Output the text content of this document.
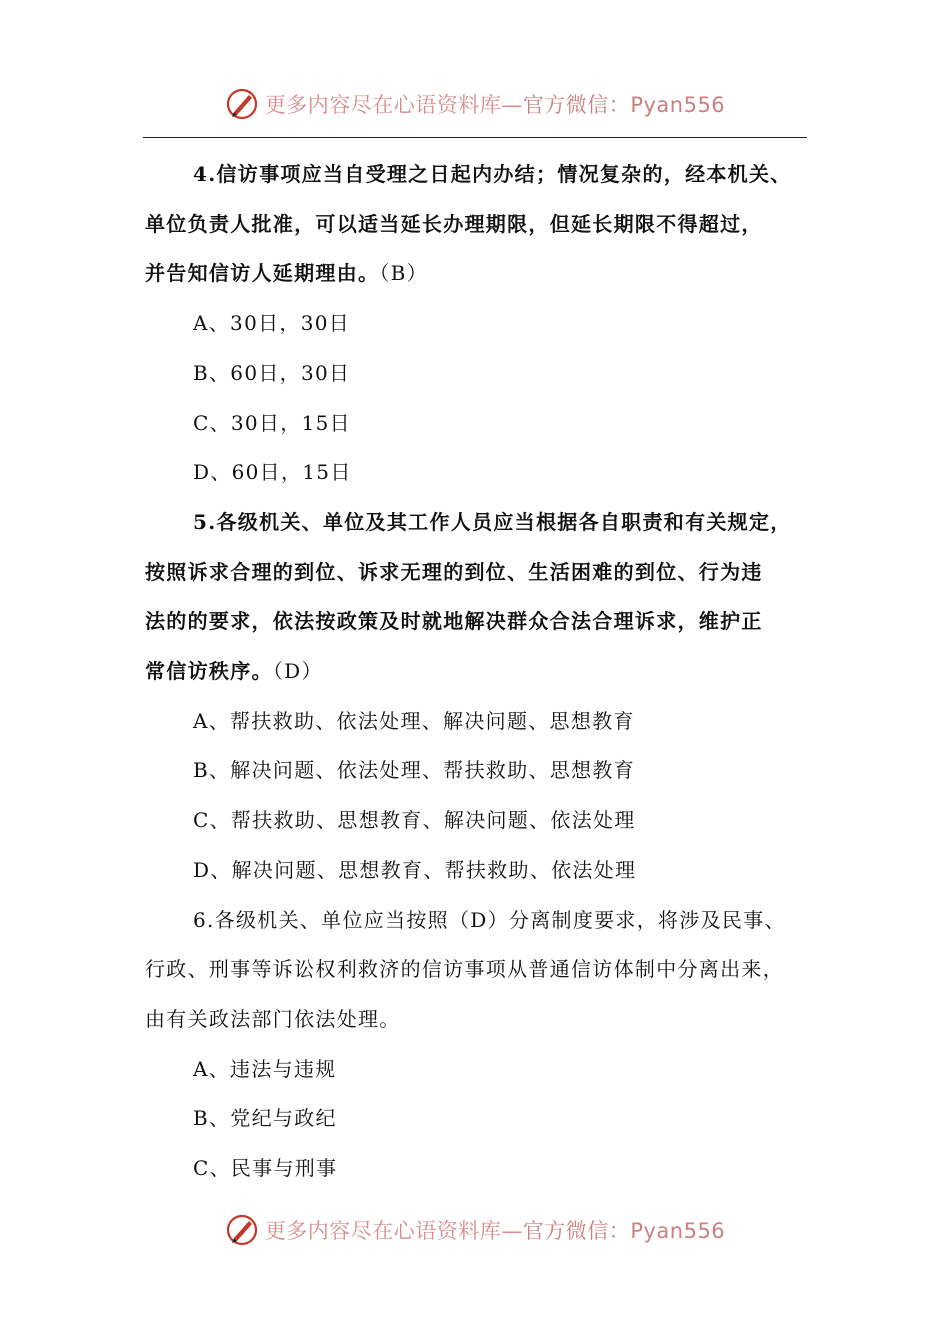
更多内容尽在心语资料库—官方微信：Pyan556

4.信访事项应当自受理之日起内办结；情况复杂的，经本机关、

单位负责人批准，可以适当延长办理期限，但延长期限不得超过，

并告知信访人延期理由。（B）

A、30日，30日

B、60日，30日

C、30日，15日

D、60日，15日

5.各级机关、单位及其工作人员应当根据各自职责和有关规定，

按照诉求合理的到位、诉求无理的到位、生活困难的到位、行为违

法的的要求，依法按政策及时就地解决群众合法合理诉求，维护正

常信访秩序。（D）

A、帮扶救助、依法处理、解决问题、思想教育

B、解决问题、依法处理、帮扶救助、思想教育

C、帮扶救助、思想教育、解决问题、依法处理

D、解决问题、思想教育、帮扶救助、依法处理

6.各级机关、单位应当按照（D）分离制度要求，将涉及民事、

行政、刑事等诉讼权利救济的信访事项从普通信访体制中分离出来，

由有关政法部门依法处理。

A、违法与违规

B、党纪与政纪

C、民事与刑事

更多内容尽在心语资料库—官方微信：Pyan556
